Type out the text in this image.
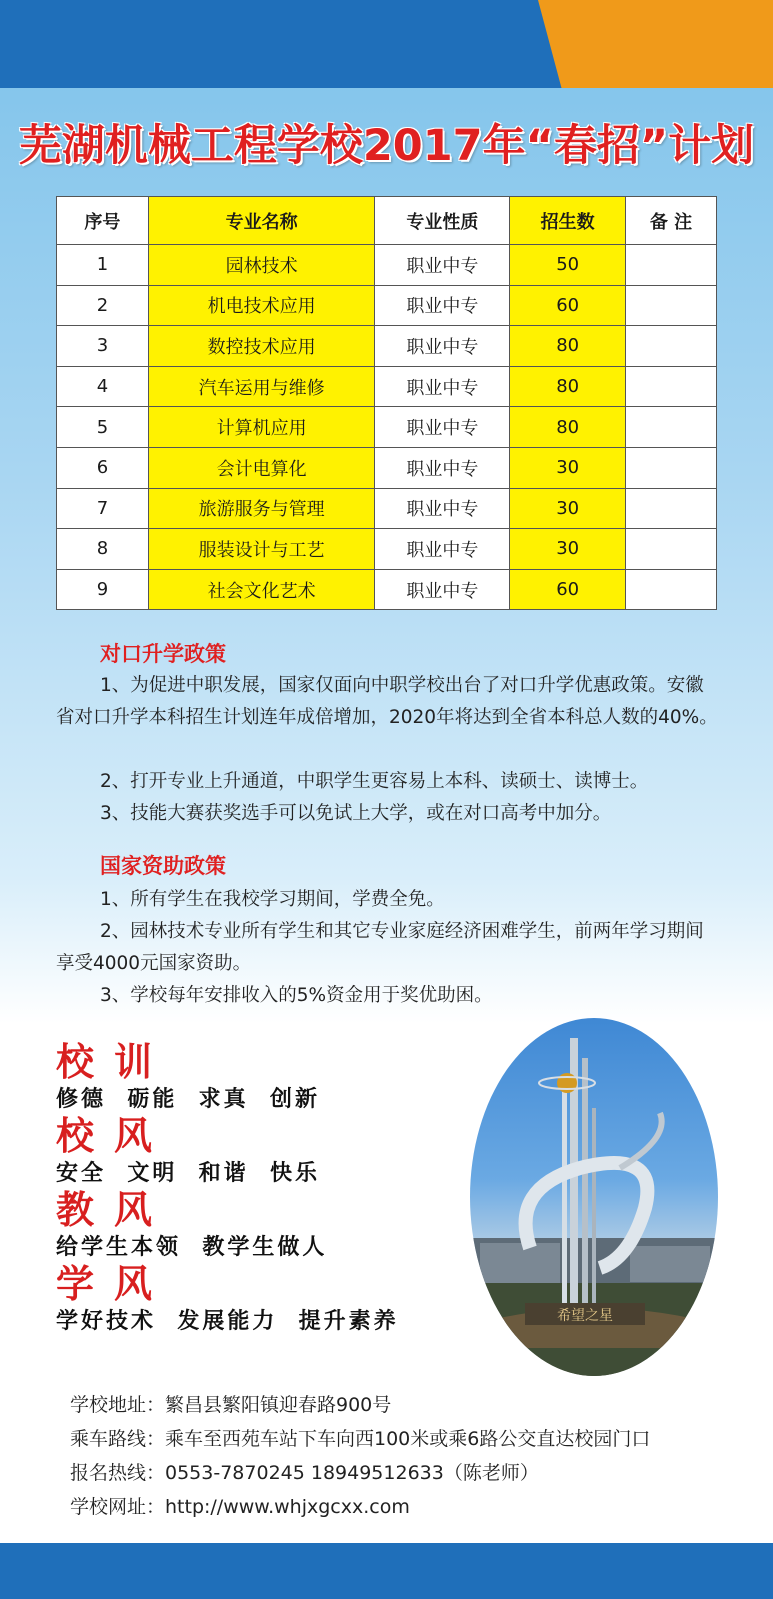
芜湖机械工程学校2017年“春招”计划
序号	专业名称	专业性质	招生数	备 注
1	园林技术	职业中专	50	
2	机电技术应用	职业中专	60	
3	数控技术应用	职业中专	80	
4	汽车运用与维修	职业中专	80	
5	计算机应用	职业中专	80	
6	会计电算化	职业中专	30	
7	旅游服务与管理	职业中专	30	
8	服装设计与工艺	职业中专	30	
9	社会文化艺术	职业中专	60	
对口升学政策

1、为促进中职发展，国家仅面向中职学校出台了对口升学优惠政策。安徽省对口升学本科招生计划连年成倍增加，2020年将达到全省本科总人数的40%。

2、打开专业上升通道，中职学生更容易上本科、读硕士、读博士。

3、技能大赛获奖选手可以免试上大学，或在对口高考中加分。

国家资助政策

1、所有学生在我校学习期间，学费全免。

2、园林技术专业所有学生和其它专业家庭经济困难学生，前两年学习期间享受4000元国家资助。

3、学校每年安排收入的5%资金用于奖优助困。

校训
修德  砺能  求真  创新
校风
安全  文明  和谐  快乐
教风
给学生本领  教学生做人
学风
学好技术  发展能力  提升素养	希望之星
学校地址：繁昌县繁阳镇迎春路900号
乘车路线：乘车至西苑车站下车向西100米或乘6路公交直达校园门口
报名热线：0553-7870245 18949512633（陈老师）
学校网址：http://www.whjxgcxx.com
